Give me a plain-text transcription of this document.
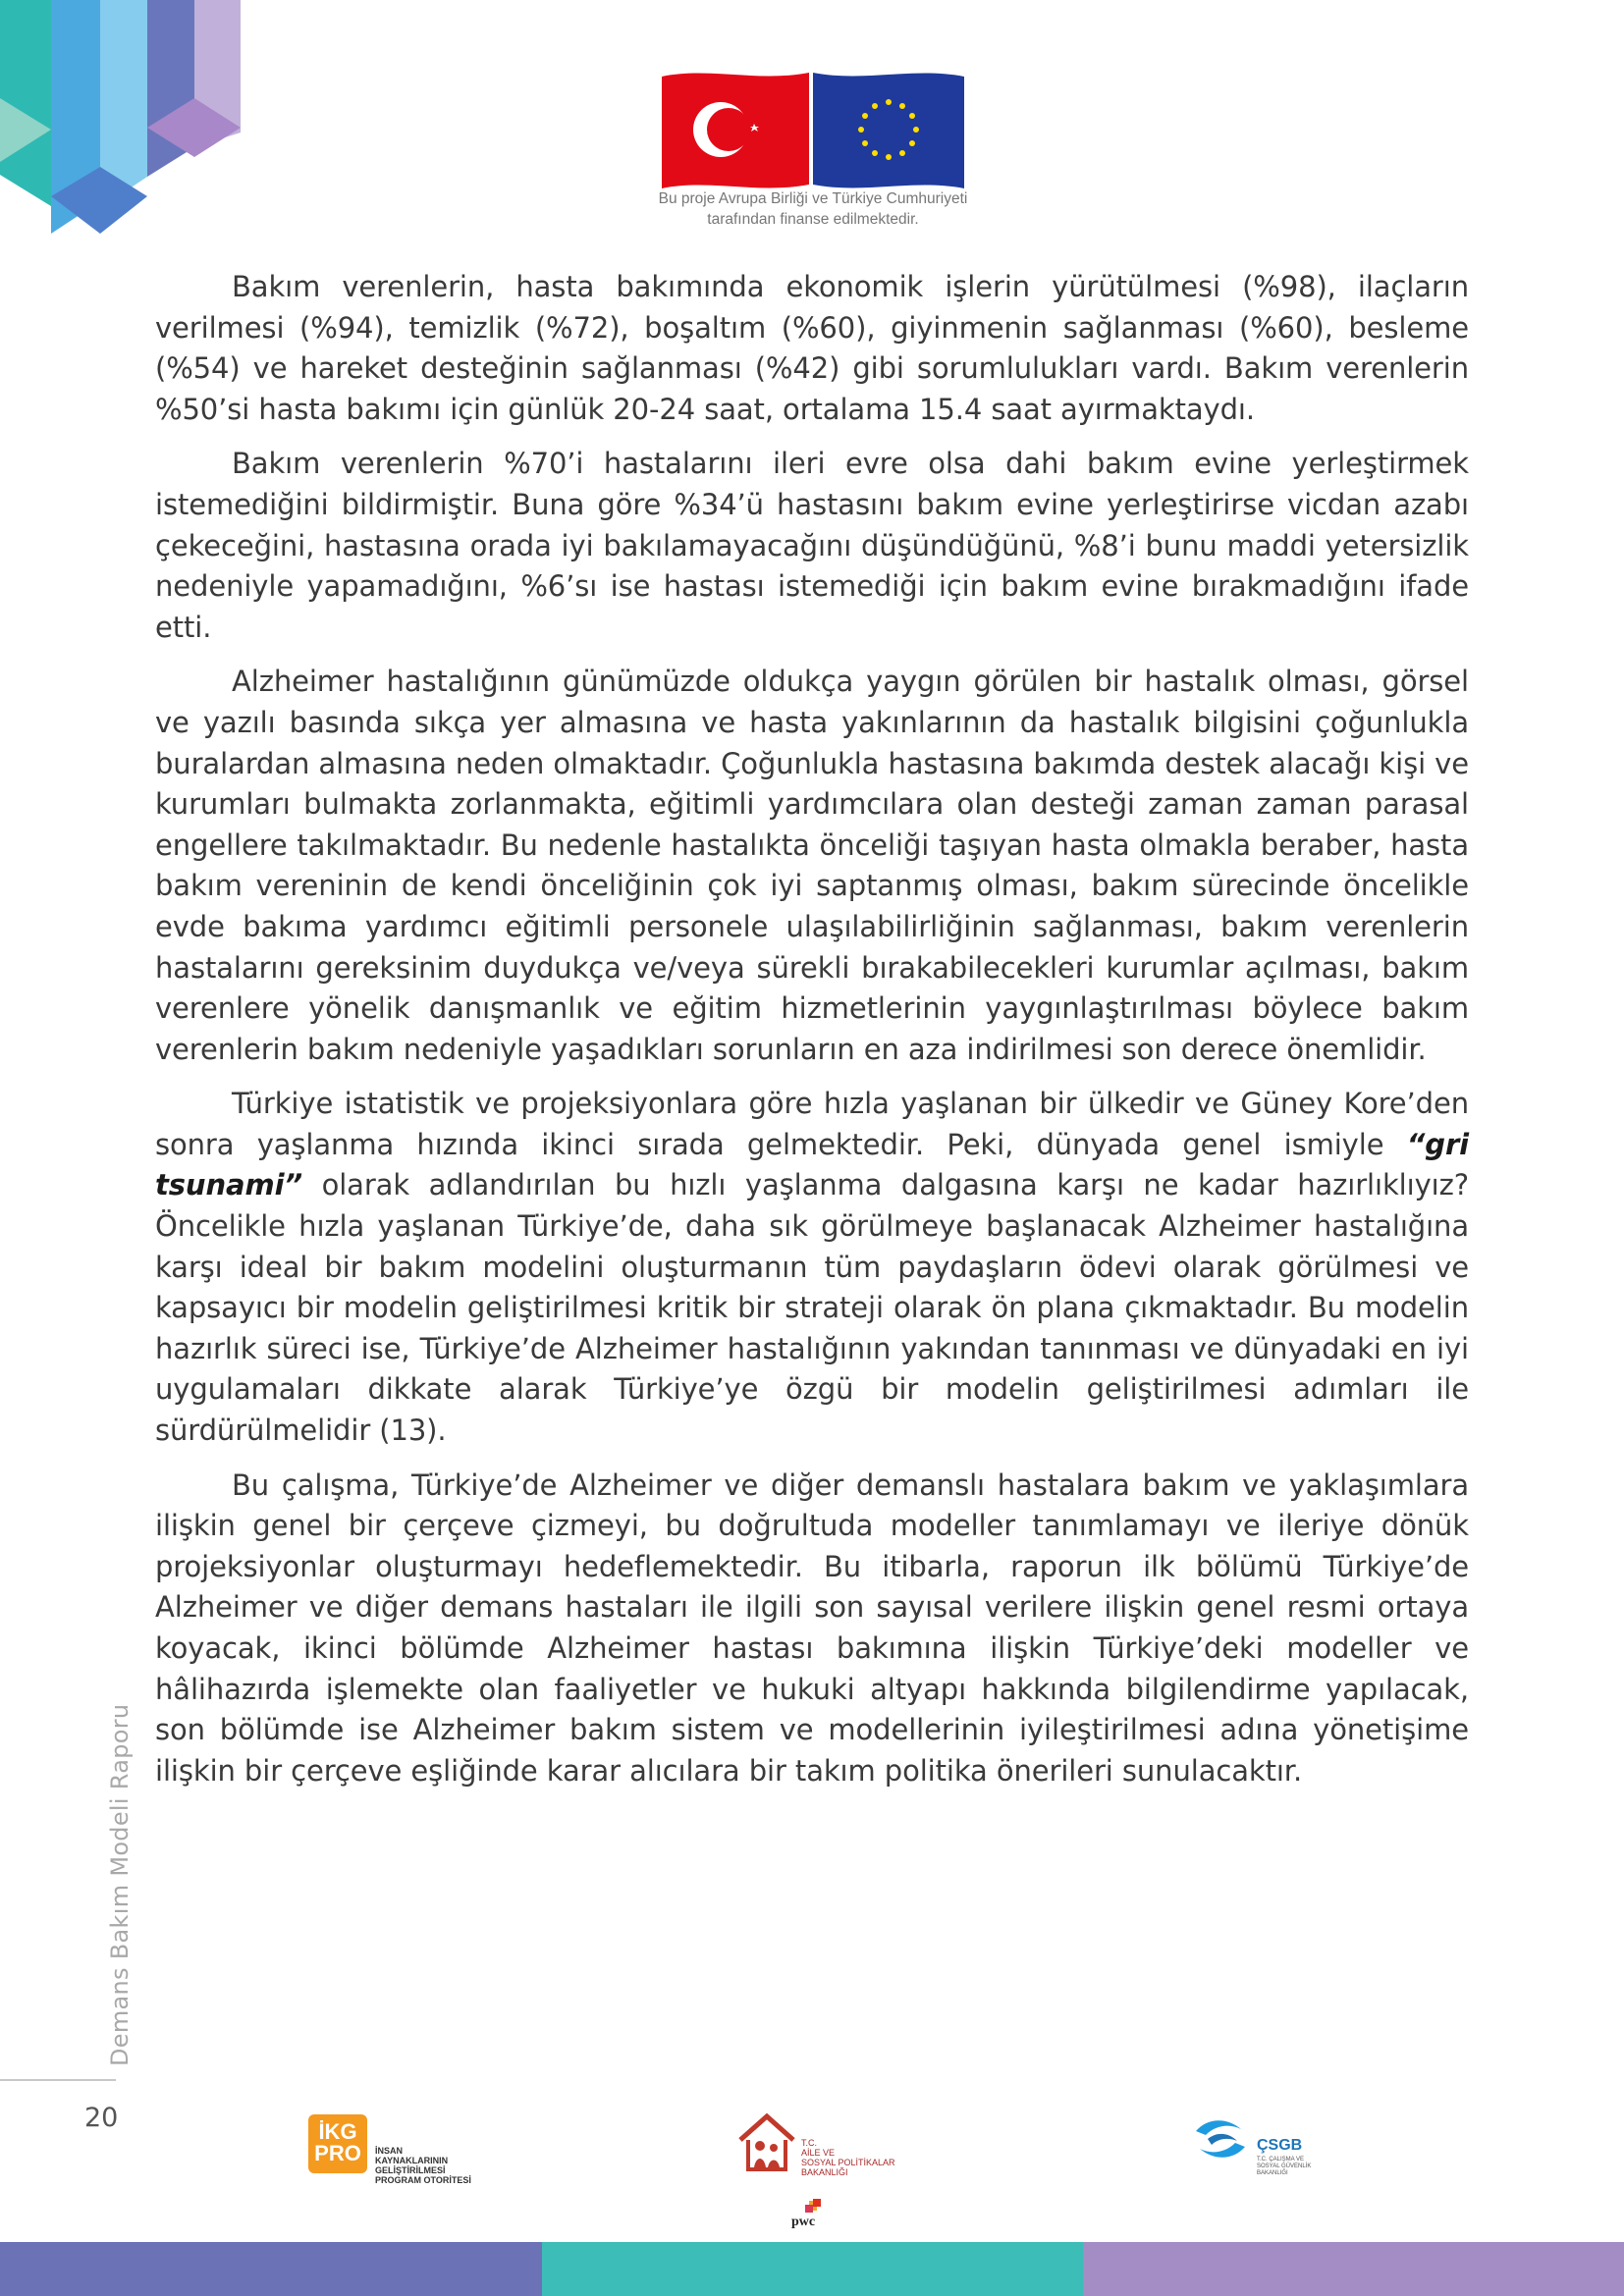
Bu proje Avrupa Birliği ve Türkiye Cumhuriyeti
tarafından finanse edilmektedir.

Bakım verenlerin, hasta bakımında ekonomik işlerin yürütülmesi (%98), ilaçların verilmesi (%94), temizlik (%72), boşaltım (%60), giyinmenin sağlanması (%60), besleme (%54) ve hareket desteğinin sağlanması (%42) gibi sorumlulukları vardı. Bakım verenlerin %50’si hasta bakımı için günlük 20-24 saat, ortalama 15.4 saat ayırmaktaydı.

Bakım verenlerin %70’i hastalarını ileri evre olsa dahi bakım evine yerleştirmek istemediğini bildirmiştir. Buna göre %34’ü hastasını bakım evine yerleştirirse vicdan azabı çekeceğini, hastasına orada iyi bakılamayacağını düşündüğünü, %8’i bunu maddi yetersizlik nedeniyle yapamadığını, %6’sı ise hastası istemediği için bakım evine bırakmadığını ifade etti.

Alzheimer hastalığının günümüzde oldukça yaygın görülen bir hastalık olması, görsel ve yazılı basında sıkça yer almasına ve hasta yakınlarının da hastalık bilgisini çoğunlukla buralardan almasına neden olmaktadır. Çoğunlukla hastasına bakımda destek alacağı kişi ve kurumları bulmakta zorlanmakta, eğitimli yardımcılara olan desteği zaman zaman parasal engellere takılmaktadır. Bu nedenle hastalıkta önceliği taşıyan hasta olmakla beraber, hasta bakım vereninin de kendi önceliğinin çok iyi saptanmış olması, bakım sürecinde öncelikle evde bakıma yardımcı eğitimli personele ulaşılabilirliğinin sağlanması, bakım verenlerin hastalarını gereksinim duydukça ve/veya sürekli bırakabilecekleri kurumlar açılması, bakım verenlere yönelik danışmanlık ve eğitim hizmetlerinin yaygınlaştırılması böylece bakım verenlerin bakım nedeniyle yaşadıkları sorunların en aza indirilmesi son derece önemlidir.

Türkiye istatistik ve projeksiyonlara göre hızla yaşlanan bir ülkedir ve Güney Kore’den sonra yaşlanma hızında ikinci sırada gelmektedir. Peki, dünyada genel ismiyle “gri tsunami” olarak adlandırılan bu hızlı yaşlanma dalgasına karşı ne kadar hazırlıklıyız? Öncelikle hızla yaşlanan Türkiye’de, daha sık görülmeye başlanacak Alzheimer hastalığına karşı ideal bir bakım modelini oluşturmanın tüm paydaşların ödevi olarak görülmesi ve kapsayıcı bir modelin geliştirilmesi kritik bir strateji olarak ön plana çıkmaktadır. Bu modelin hazırlık süreci ise, Türkiye’de Alzheimer hastalığının yakından tanınması ve dünyadaki en iyi uygulamaları dikkate alarak Türkiye’ye özgü bir modelin geliştirilmesi adımları ile sürdürülmelidir (13).

Bu çalışma, Türkiye’de Alzheimer ve diğer demanslı hastalara bakım ve yaklaşımlara ilişkin genel bir çerçeve çizmeyi, bu doğrultuda modeller tanımlamayı ve ileriye dönük projeksiyonlar oluşturmayı hedeflemektedir. Bu itibarla, raporun ilk bölümü Türkiye’de Alzheimer ve diğer demans hastaları ile ilgili son sayısal verilere ilişkin genel resmi ortaya koyacak, ikinci bölümde Alzheimer hastası bakımına ilişkin Türkiye’deki modeller ve hâlihazırda işlemekte olan faaliyetler ve hukuki altyapı hakkında bilgilendirme yapılacak, son bölümde ise Alzheimer bakım sistem ve modellerinin iyileştirilmesi adına yönetişime ilişkin bir çerçeve eşliğinde karar alıcılara bir takım politika önerileri sunulacaktır.

Demans Bakım Modeli Raporu
20	İKG
PRO	İNSAN KAYNAKLARININ
GELİŞTİRİLMESİ
PROGRAM OTORİTESİ
T.C.
AİLE VE
SOSYAL POLİTİKALAR
BAKANLIĞI
pwc
ÇSGB
T.C. ÇALIŞMA VE
SOSYAL GÜVENLİK
BAKANLIĞI
